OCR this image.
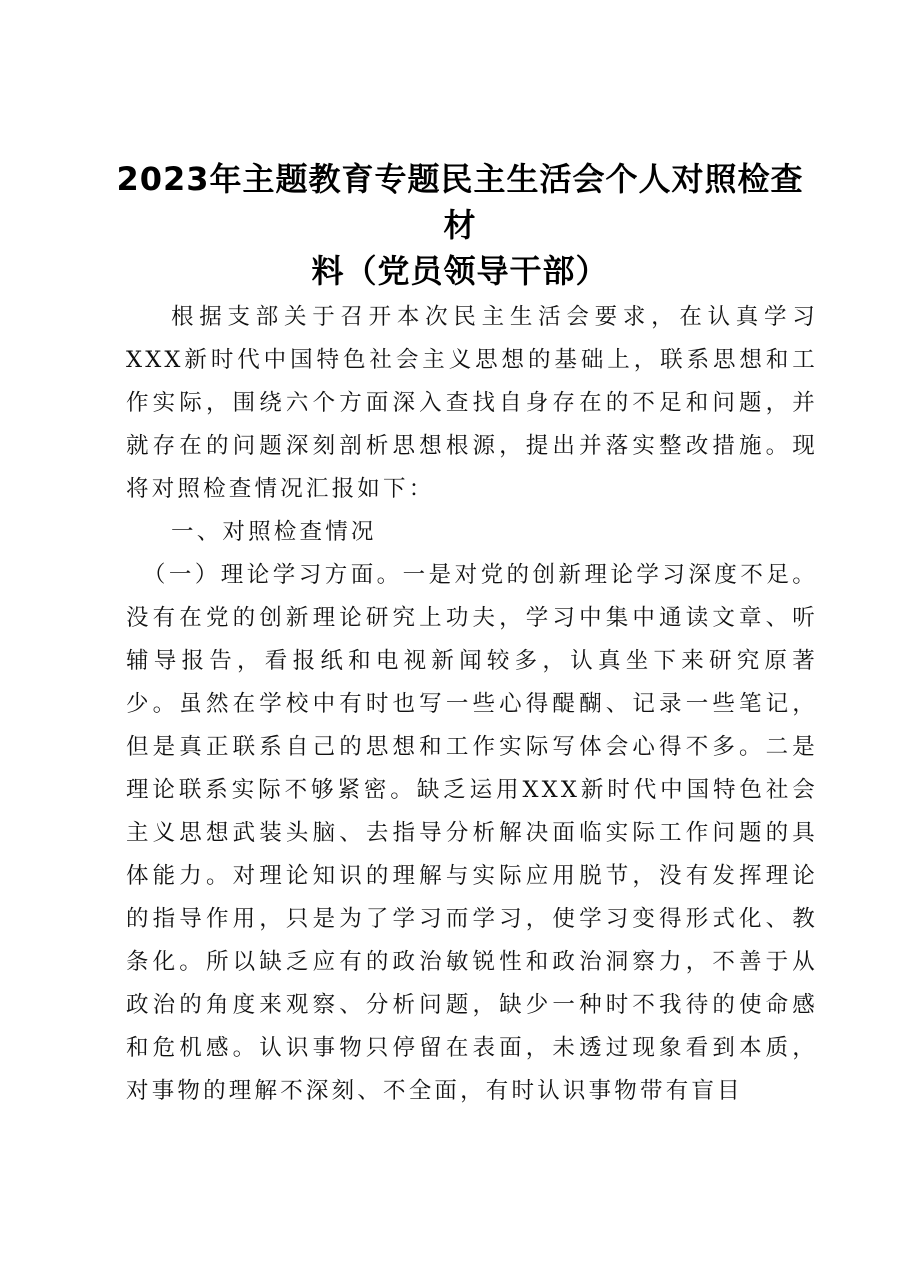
2023年主题教育专题民主生活会个人对照检查材
料（党员领导干部）

根据支部关于召开本次民主生活会要求，在认真学习XXX新时代中国特色社会主义思想的基础上，联系思想和工作实际，围绕六个方面深入查找自身存在的不足和问题，并就存在的问题深刻剖析思想根源，提出并落实整改措施。现将对照检查情况汇报如下：

一、对照检查情况

（一）理论学习方面。一是对党的创新理论学习深度不足。没有在党的创新理论研究上功夫，学习中集中通读文章、听辅导报告，看报纸和电视新闻较多，认真坐下来研究原著少。虽然在学校中有时也写一些心得醍醐、记录一些笔记，但是真正联系自己的思想和工作实际写体会心得不多。二是理论联系实际不够紧密。缺乏运用XXX新时代中国特色社会主义思想武装头脑、去指导分析解决面临实际工作问题的具体能力。对理论知识的理解与实际应用脱节，没有发挥理论的指导作用，只是为了学习而学习，使学习变得形式化、教条化。所以缺乏应有的政治敏锐性和政治洞察力，不善于从政治的角度来观察、分析问题，缺少一种时不我待的使命感和危机感。认识事物只停留在表面，未透过现象看到本质，对事物的理解不深刻、不全面，有时认识事物带有盲目
